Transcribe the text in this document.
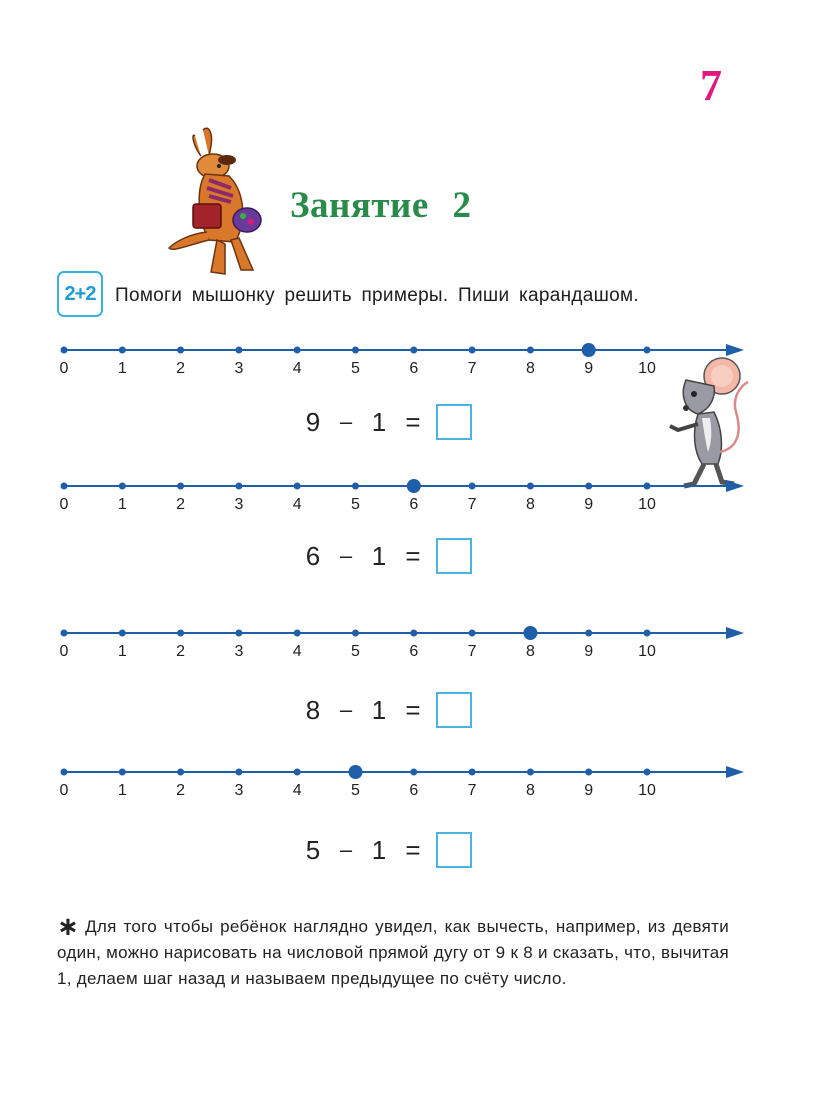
7
Занятие 2
2+2	Помоги мышонку решить примеры. Пиши карандашом.
0	1	2	3	4	5	6	7	8	9	10
9 – 1 =
0	1	2	3	4	5	6	7	8	9	10
6 – 1 =
0	1	2	3	4	5	6	7	8	9	10
8 – 1 =
0	1	2	3	4	5	6	7	8	9	10
5 – 1 =
∗ Для того чтобы ребёнок наглядно увидел, как вычесть, например, из девяти один, можно нарисовать на числовой прямой дугу от 9 к 8 и сказать, что, вычитая 1, делаем шаг назад и называем предыдущее по счёту число.
